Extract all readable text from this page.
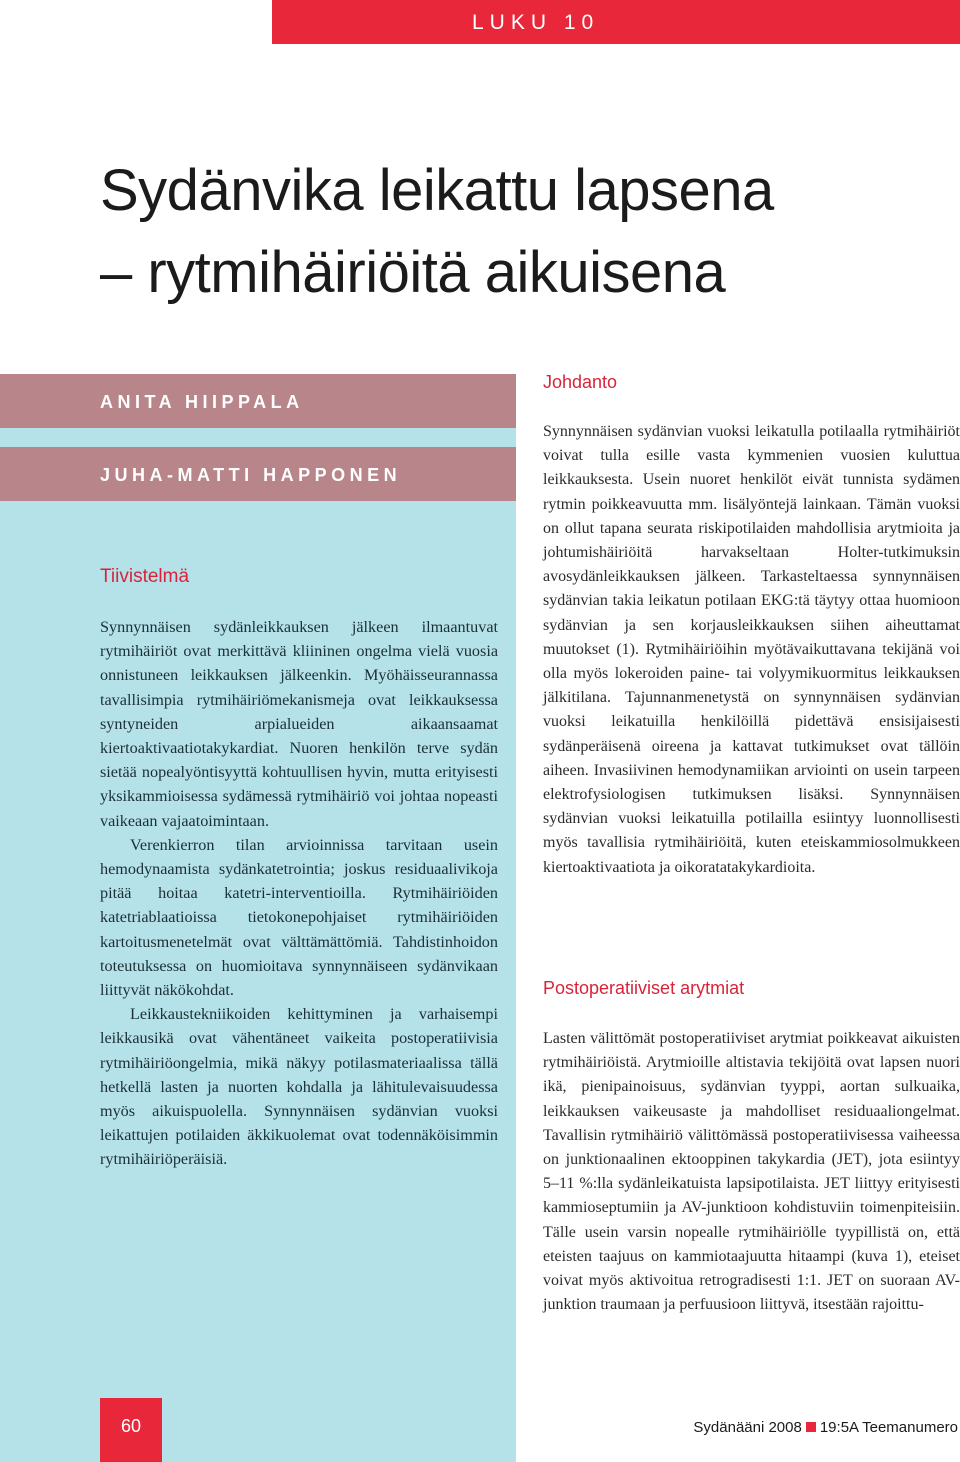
LUKU 10
Sydänvika leikattu lapsena
– rytmihäiriöitä aikuisena
ANITA HIIPPALA
JUHA-MATTI HAPPONEN
Tiivistelmä

Synnynnäisen sydänleikkauksen jälkeen ilmaantuvat rytmihäiriöt ovat merkittävä kliininen ongelma vielä vuosia onnistuneen leikkauksen jälkeenkin. Myöhäisseurannassa tavallisimpia rytmihäiriömekanismeja ovat leikkauksessa syntyneiden arpialueiden aikaansaamat kiertoaktivaatiotakykardiat. Nuoren henkilön terve sydän sietää nopealyöntisyyttä kohtuullisen hyvin, mutta erityisesti yksikammioisessa sydämessä rytmihäiriö voi johtaa nopeasti vaikeaan vajaatoimintaan.

Verenkierron tilan arvioinnissa tarvitaan usein hemodynaamista sydänkatetrointia; joskus residuaalivikoja pitää hoitaa katetri-interventioilla. Rytmihäiriöiden katetriablaatioissa tietokonepohjaiset rytmihäiriöiden kartoitusmenetelmät ovat välttämättömiä. Tahdistinhoidon toteutuksessa on huomioitava synnynnäiseen sydänvikaan liittyvät näkökohdat.

Leikkaustekniikoiden kehittyminen ja varhaisempi leikkausikä ovat vähentäneet vaikeita postoperatiivisia rytmihäiriöongelmia, mikä näkyy potilasmateriaalissa tällä hetkellä lasten ja nuorten kohdalla ja lähitulevaisuudessa myös aikuispuolella. Synnynnäisen sydänvian vuoksi leikattujen potilaiden äkkikuolemat ovat todennäköisimmin rytmihäiriöperäisiä.

Johdanto
Synnynnäisen sydänvian vuoksi leikatulla potilaalla rytmihäiriöt voivat tulla esille vasta kymmenien vuosien kuluttua leikkauksesta. Usein nuoret henkilöt eivät tunnista sydämen rytmin poikkeavuutta mm. lisälyöntejä lainkaan. Tämän vuoksi on ollut tapana seurata riskipotilaiden mahdollisia arytmioita ja johtumishäiriöitä harvakseltaan Holter-tutkimuksin avosydänleikkauksen jälkeen. Tarkasteltaessa synnynnäisen sydänvian takia leikatun potilaan EKG:tä täytyy ottaa huomioon sydänvian ja sen korjausleikkauksen siihen aiheuttamat muutokset (1). Rytmihäiriöihin myötävaikuttavana tekijänä voi olla myös lokeroiden paine- tai volyymikuormitus leikkauksen jälkitilana. Tajunnanmenetystä on synnynnäisen sydänvian vuoksi leikatuilla henkilöillä pidettävä ensisijaisesti sydänperäisenä oireena ja kattavat tutkimukset ovat tällöin aiheen. Invasiivinen hemodynamiikan arviointi on usein tarpeen elektrofysiologisen tutkimuksen lisäksi. Synnynnäisen sydänvian vuoksi leikatuilla potilailla esiintyy luonnollisesti myös tavallisia rytmihäiriöitä, kuten eteiskammiosolmukkeen kiertoaktivaatiota ja oikoratatakykardioita.
Postoperatiiviset arytmiat
Lasten välittömät postoperatiiviset arytmiat poikkeavat aikuisten rytmihäiriöistä. Arytmioille altistavia tekijöitä ovat lapsen nuori ikä, pienipainoisuus, sydänvian tyyppi, aortan sulkuaika, leikkauksen vaikeusaste ja mahdolliset residuaaliongelmat. Tavallisin rytmihäiriö välittömässä postoperatiivisessa vaiheessa on junktionaalinen ektooppinen takykardia (JET), jota esiintyy 5–11 %:lla sydänleikatuista lapsipotilaista. JET liittyy erityisesti kammioseptumiin ja AV-junktioon kohdistuviin toimenpiteisiin. Tälle usein varsin nopealle rytmihäiriölle tyypillistä on, että eteisten taajuus on kammiotaajuutta hitaampi (kuva 1), eteiset voivat myös aktivoitua retrogradisesti 1:1. JET on suoraan AV-junktion traumaan ja perfuusioon liittyvä, itsestään rajoittu-
60	Sydänääni 2008 19:5A Teemanumero
